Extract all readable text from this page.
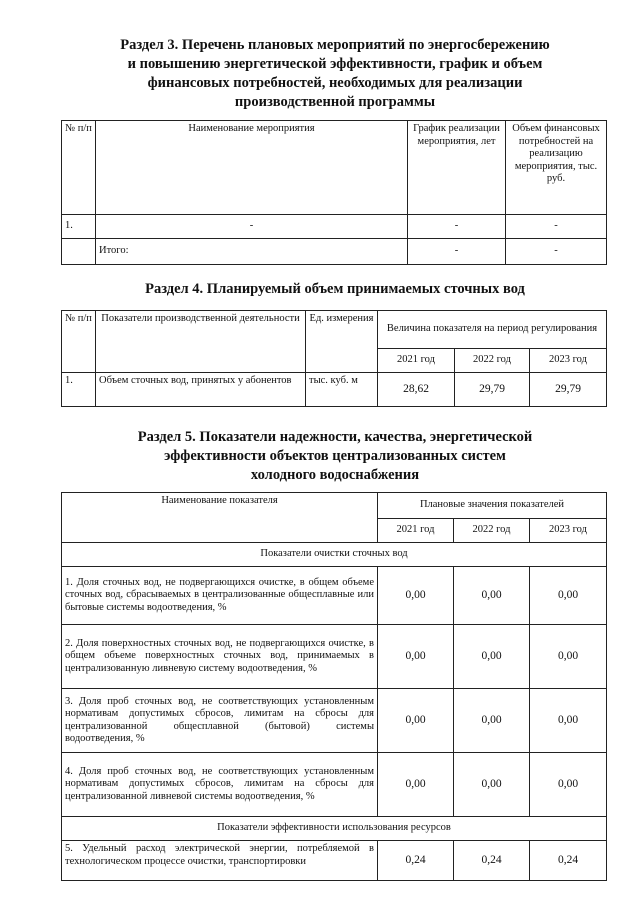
Раздел 3. Перечень плановых мероприятий по энергосбережению
и повышению энергетической эффективности, график и объем
финансовых потребностей, необходимых для реализации
производственной программы
№ п/п	Наименование мероприятия	График реализации мероприятия, лет	Объем финансовых потребностей на реализацию мероприятия, тыс. руб.
1.	-	-	-
	Итого:	-	-
Раздел 4. Планируемый объем принимаемых сточных вод
№ п/п	Показатели производственной деятельности	Ед. измерения	Величина показателя на период регулирования		
			2021 год	2022 год	2023 год
1.	Объем сточных вод, принятых у абонентов	тыс. куб. м	28,62	29,79	29,79
Раздел 5. Показатели надежности, качества, энергетической
эффективности объектов централизованных систем
холодного водоснабжения
Наименование показателя	Плановые значения показателей		
	2021 год	2022 год	2023 год
Показатели очистки сточных вод			
1. Доля сточных вод, не подвергающихся очистке, в общем объеме сточных вод, сбрасываемых в централизованные общесплавные или бытовые системы водоотведения, %	0,00	0,00	0,00
2. Доля поверхностных сточных вод, не подвергающихся очистке, в общем объеме поверхностных сточных вод, принимаемых в централизованную ливневую систему водоотведения, %	0,00	0,00	0,00
3. Доля проб сточных вод, не соответствующих установленным нормативам допустимых сбросов, лимитам на сбросы для централизованной общесплавной (бытовой) системы водоотведения, %	0,00	0,00	0,00
4. Доля проб сточных вод, не соответствующих установленным нормативам допустимых сбросов, лимитам на сбросы для централизованной ливневой системы водоотведения, %	0,00	0,00	0,00
Показатели эффективности использования ресурсов			
5. Удельный расход электрической энергии, потребляемой в технологическом процессе очистки, транспортировки	0,24	0,24	0,24
